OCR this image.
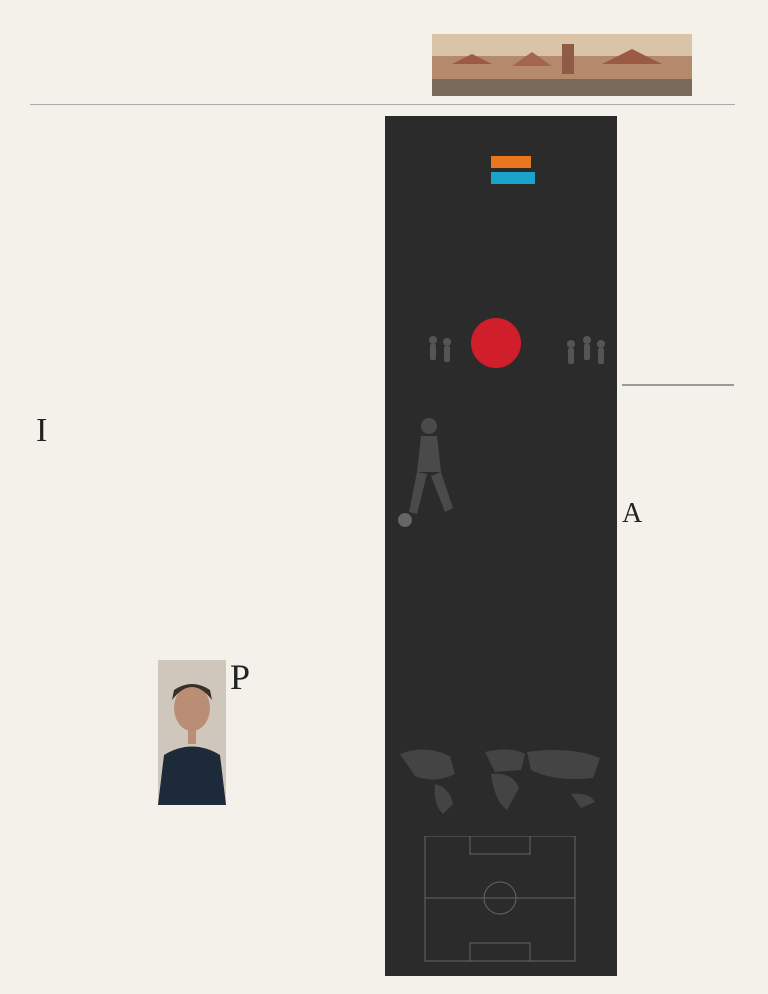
I
P
A
